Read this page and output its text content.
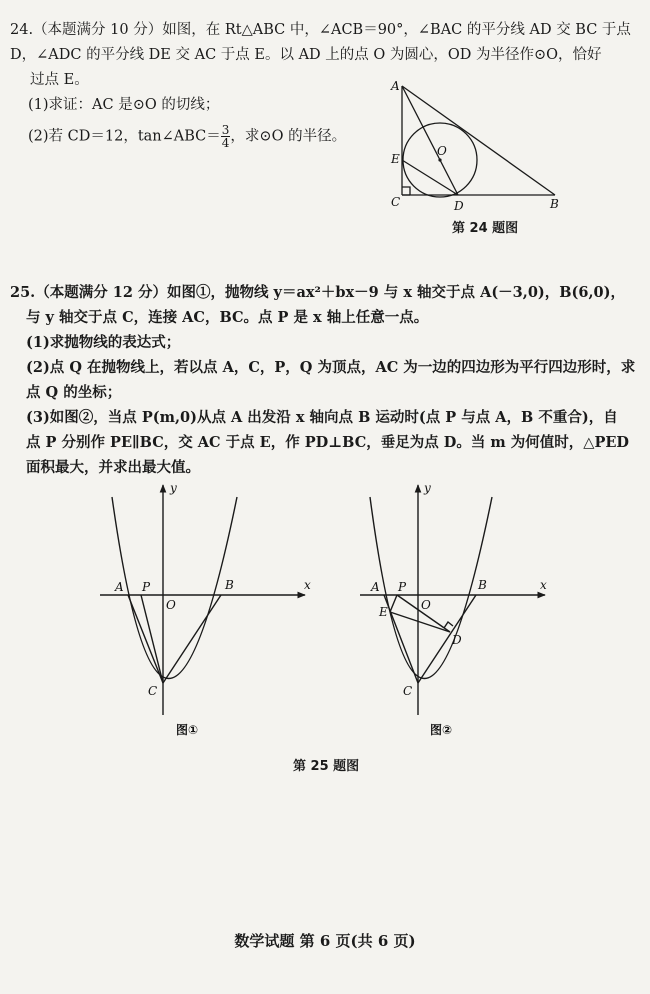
24.（本题满分 10 分）如图，在 Rt△ABC 中，∠ACB＝90°，∠BAC 的平分线 AD 交 BC 于点
D，∠ADC 的平分线 DE 交 AC 于点 E。以 AD 上的点 O 为圆心，OD 为半径作⊙O，恰好
过点 E。
(1)求证：AC 是⊙O 的切线；
(2)若 CD＝12，tan∠ABC＝ $\frac{3}{4}$ ，求⊙O 的半径。
A
E
O
C	D	B
第 24 题图
25.（本题满分 12 分）如图①，抛物线 y＝ax²＋bx－9 与 x 轴交于点 A(－3,0)，B(6,0)，
与 y 轴交于点 C，连接 AC，BC。点 P 是 x 轴上任意一点。
(1)求抛物线的表达式；
(2)点 Q 在抛物线上，若以点 A，C，P，Q 为顶点，AC 为一边的四边形为平行四边形时，求
点 Q 的坐标；
(3)如图②，当点 P(m,0)从点 A 出发沿 x 轴向点 B 运动时(点 P 与点 A，B 不重合)，自
点 P 分别作 PE∥BC，交 AC 于点 E，作 PD⊥BC，垂足为点 D。当 m 为何值时，△PED
面积最大，并求出最大值。
y
x
A P
O
B
C
图①
y
x
A P
O
B
E
D
C
图②
第 25 题图
数学试题 第 6 页(共 6 页)
